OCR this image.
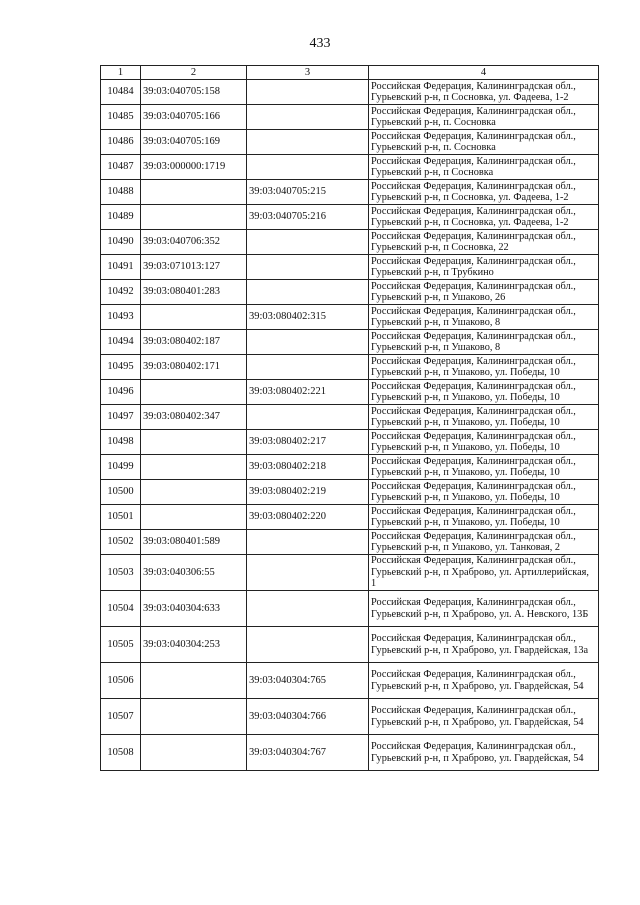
433
1	2	3	4
10484	39:03:040705:158		Российская Федерация, Калининградская обл., Гурьевский р-н, п Сосновка, ул. Фадеева, 1-2
10485	39:03:040705:166		Российская Федерация, Калининградская обл., Гурьевский р-н, п. Сосновка
10486	39:03:040705:169		Российская Федерация, Калининградская обл., Гурьевский р-н, п. Сосновка
10487	39:03:000000:1719		Российская Федерация, Калининградская обл., Гурьевский р-н, п Сосновка
10488		39:03:040705:215	Российская Федерация, Калининградская обл., Гурьевский р-н, п Сосновка, ул. Фадеева, 1-2
10489		39:03:040705:216	Российская Федерация, Калининградская обл., Гурьевский р-н, п Сосновка, ул. Фадеева, 1-2
10490	39:03:040706:352		Российская Федерация, Калининградская обл., Гурьевский р-н, п Сосновка, 22
10491	39:03:071013:127		Российская Федерация, Калининградская обл., Гурьевский р-н, п Трубкино
10492	39:03:080401:283		Российская Федерация, Калининградская обл., Гурьевский р-н, п Ушаково, 26
10493		39:03:080402:315	Российская Федерация, Калининградская обл., Гурьевский р-н, п Ушаково, 8
10494	39:03:080402:187		Российская Федерация, Калининградская обл., Гурьевский р-н, п Ушаково, 8
10495	39:03:080402:171		Российская Федерация, Калининградская обл., Гурьевский р-н, п Ушаково, ул. Победы, 10
10496		39:03:080402:221	Российская Федерация, Калининградская обл., Гурьевский р-н, п Ушаково, ул. Победы, 10
10497	39:03:080402:347		Российская Федерация, Калининградская обл., Гурьевский р-н, п Ушаково, ул. Победы, 10
10498		39:03:080402:217	Российская Федерация, Калининградская обл., Гурьевский р-н, п Ушаково, ул. Победы, 10
10499		39:03:080402:218	Российская Федерация, Калининградская обл., Гурьевский р-н, п Ушаково, ул. Победы, 10
10500		39:03:080402:219	Российская Федерация, Калининградская обл., Гурьевский р-н, п Ушаково, ул. Победы, 10
10501		39:03:080402:220	Российская Федерация, Калининградская обл., Гурьевский р-н, п Ушаково, ул. Победы, 10
10502	39:03:080401:589		Российская Федерация, Калининградская обл., Гурьевский р-н, п Ушаково, ул. Танковая, 2
10503	39:03:040306:55		Российская Федерация, Калининградская обл., Гурьевский р-н, п Храброво, ул. Артиллерийская, 1
10504	39:03:040304:633		Российская Федерация, Калининградская обл., Гурьевский р-н, п Храброво, ул. А. Невского, 13Б
10505	39:03:040304:253		Российская Федерация, Калининградская обл., Гурьевский р-н, п Храброво, ул. Гвардейская, 13а
10506		39:03:040304:765	Российская Федерация, Калининградская обл., Гурьевский р-н, п Храброво, ул. Гвардейская, 54
10507		39:03:040304:766	Российская Федерация, Калининградская обл., Гурьевский р-н, п Храброво, ул. Гвардейская, 54
10508		39:03:040304:767	Российская Федерация, Калининградская обл., Гурьевский р-н, п Храброво, ул. Гвардейская, 54
